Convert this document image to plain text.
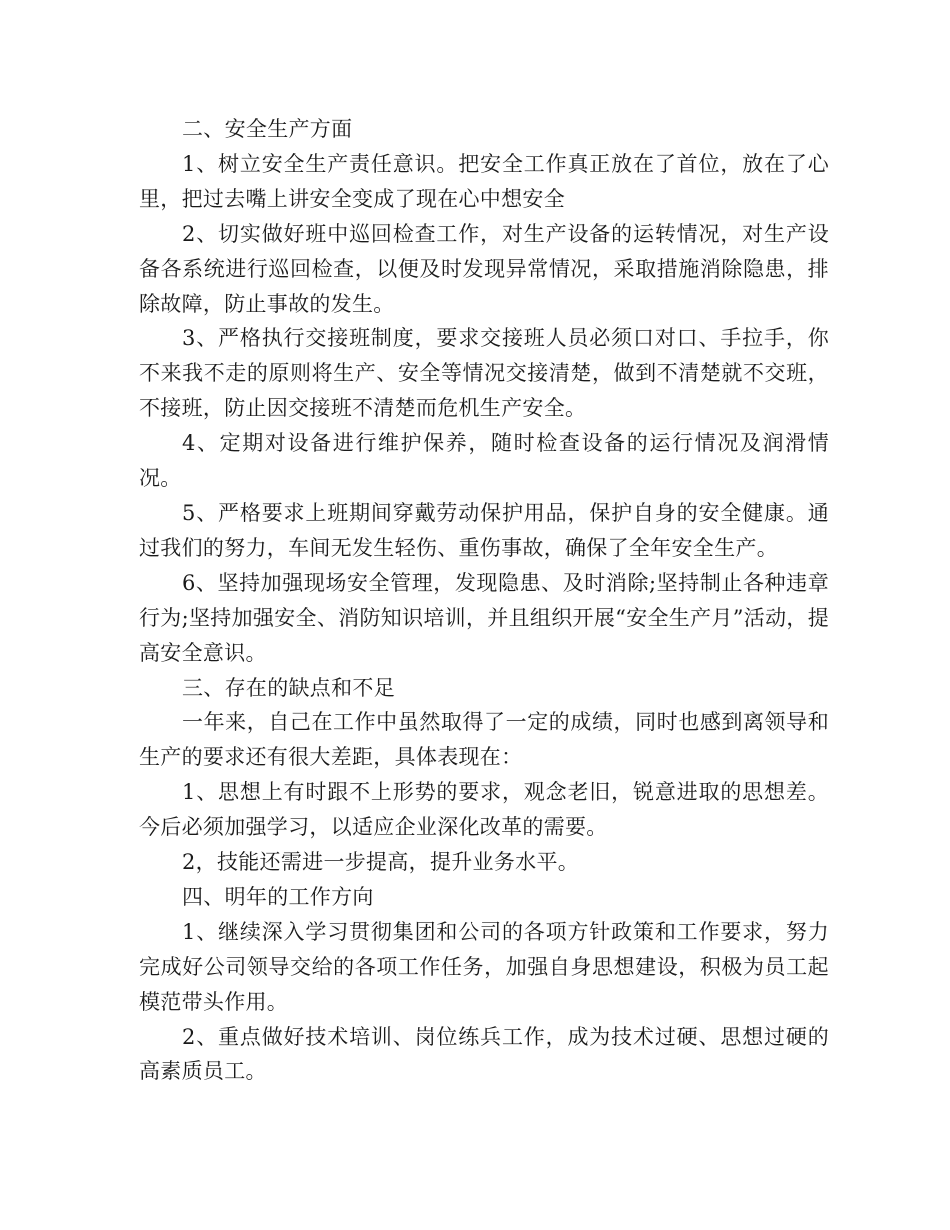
二、安全生产方面

1、树立安全生产责任意识。把安全工作真正放在了首位，放在了心里，把过去嘴上讲安全变成了现在心中想安全

2、切实做好班中巡回检查工作，对生产设备的运转情况，对生产设备各系统进行巡回检查，以便及时发现异常情况，采取措施消除隐患，排除故障，防止事故的发生。

3、严格执行交接班制度，要求交接班人员必须口对口、手拉手，你不来我不走的原则将生产、安全等情况交接清楚，做到不清楚就不交班，不接班，防止因交接班不清楚而危机生产安全。

4、定期对设备进行维护保养，随时检查设备的运行情况及润滑情况。

5、严格要求上班期间穿戴劳动保护用品，保护自身的安全健康。通过我们的努力，车间无发生轻伤、重伤事故，确保了全年安全生产。

6、坚持加强现场安全管理，发现隐患、及时消除;坚持制止各种违章行为;坚持加强安全、消防知识培训，并且组织开展“安全生产月”活动，提高安全意识。

三、存在的缺点和不足

一年来，自己在工作中虽然取得了一定的成绩，同时也感到离领导和生产的要求还有很大差距，具体表现在：

1、思想上有时跟不上形势的要求，观念老旧，锐意进取的思想差。今后必须加强学习，以适应企业深化改革的需要。

2，技能还需进一步提高，提升业务水平。

四、明年的工作方向

1、继续深入学习贯彻集团和公司的各项方针政策和工作要求，努力完成好公司领导交给的各项工作任务，加强自身思想建设，积极为员工起模范带头作用。

2、重点做好技术培训、岗位练兵工作，成为技术过硬、思想过硬的高素质员工。
